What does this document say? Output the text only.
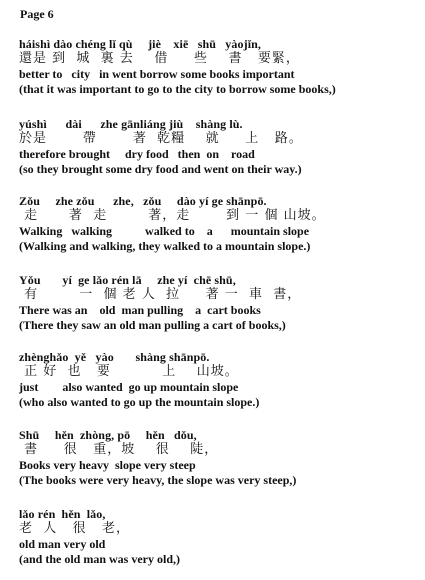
Page 6
háishì dào chéng lǐ qù     jiè    xiē   shū   yàojǐn,
還是 到  城  裏 去    借     些    書   要緊，
better to   city   in went borrow some books important
(that it was important to go to the city to borrow some books,)
yúshì      dài      zhe gānliáng jiù    shàng lù.
於是       帶       著  乾糧    就     上   路。
therefore brought     dry food   then  on    road
(so they brought some dry food and went on their way.)
Zǒu     zhe zǒu      zhe,   zǒu     dào yí ge shānpō.
走      著  走        著，走       到 一 個 山坡。
Walking   walking           walked to    a      mountain slope
(Walking and walking, they walked to a mountain slope.)
Yǒu       yí  ge lǎo rén lā     zhe yí  chē shū,
有        一  個 老 人  拉     著 一  車  書，
There was an    old  man pulling    a  cart books
(There they saw an old man pulling a cart of books,)
zhènghǎo  yě   yào       shàng shānpō.
正 好  也   要          上    山坡。
just        also wanted  go up mountain slope
(who also wanted to go up the mountain slope.)
Shū     hěn  zhòng, pō     hěn   dǒu,
書     很   重，坡    很    陡，
Books very heavy  slope very steep
(The books were very heavy, the slope was very steep,)
lǎo rén  hěn  lǎo,
老  人   很   老，
old man very old
(and the old man was very old,)
